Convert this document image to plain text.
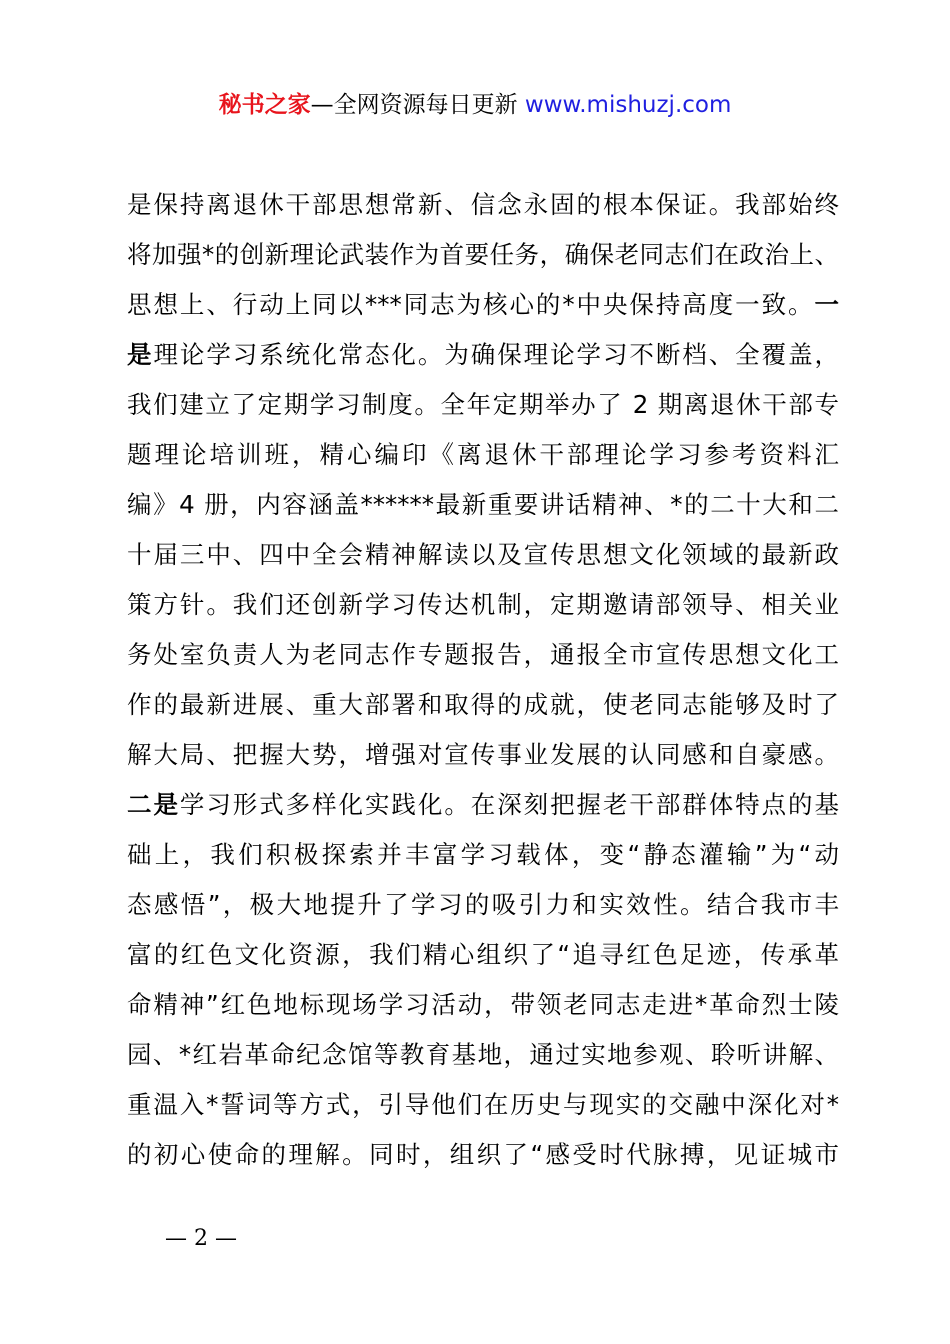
秘书之家—全网资源每日更新 www.mishuzj.com
是保持离退休干部思想常新、信念永固的根本保证。我部始终
将加强*的创新理论武装作为首要任务，确保老同志们在政治上、
思想上、行动上同以***同志为核心的*中央保持高度一致。一
是理论学习系统化常态化。为确保理论学习不断档、全覆盖，
我们建立了定期学习制度。全年定期举办了 2 期离退休干部专
题理论培训班，精心编印《离退休干部理论学习参考资料汇
编》4 册，内容涵盖******最新重要讲话精神、*的二十大和二
十届三中、四中全会精神解读以及宣传思想文化领域的最新政
策方针。我们还创新学习传达机制，定期邀请部领导、相关业
务处室负责人为老同志作专题报告，通报全市宣传思想文化工
作的最新进展、重大部署和取得的成就，使老同志能够及时了
解大局、把握大势，增强对宣传事业发展的认同感和自豪感。
二是学习形式多样化实践化。在深刻把握老干部群体特点的基
础上，我们积极探索并丰富学习载体，变“静态灌输”为“动
态感悟”，极大地提升了学习的吸引力和实效性。结合我市丰
富的红色文化资源，我们精心组织了“追寻红色足迹，传承革
命精神”红色地标现场学习活动，带领老同志走进*革命烈士陵
园、*红岩革命纪念馆等教育基地，通过实地参观、聆听讲解、
重温入*誓词等方式，引导他们在历史与现实的交融中深化对*
的初心使命的理解。同时，组织了“感受时代脉搏，见证城市
— 2 —
